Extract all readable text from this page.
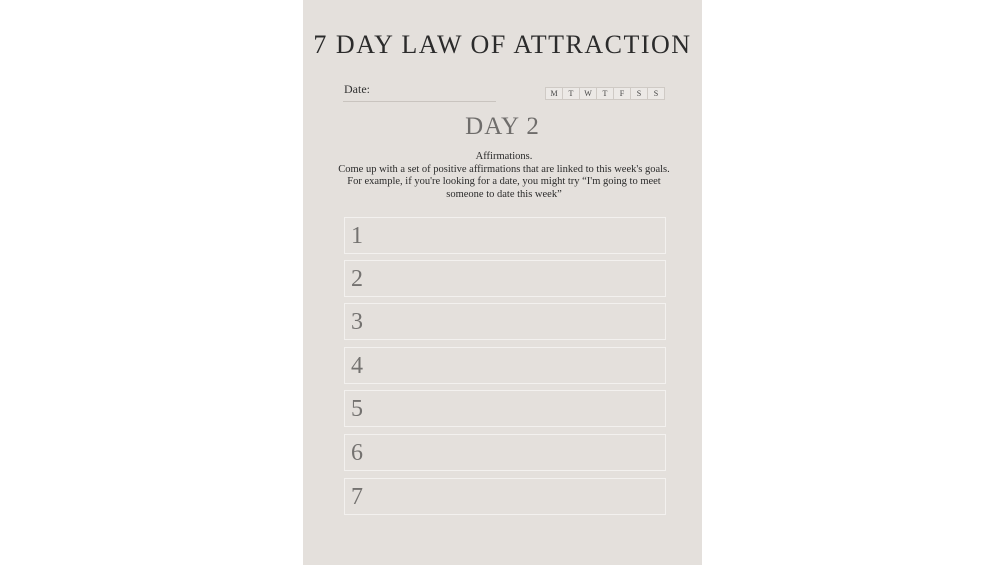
7 DAY LAW OF ATTRACTION
Date:	M	T	W	T	F	S	S
DAY 2
Affirmations.
Come up with a set of positive affirmations that are linked to this week's goals. For example, if you're looking for a date, you might try “I'm going to meet someone to date this week”
1
2
3
4
5
6
7
